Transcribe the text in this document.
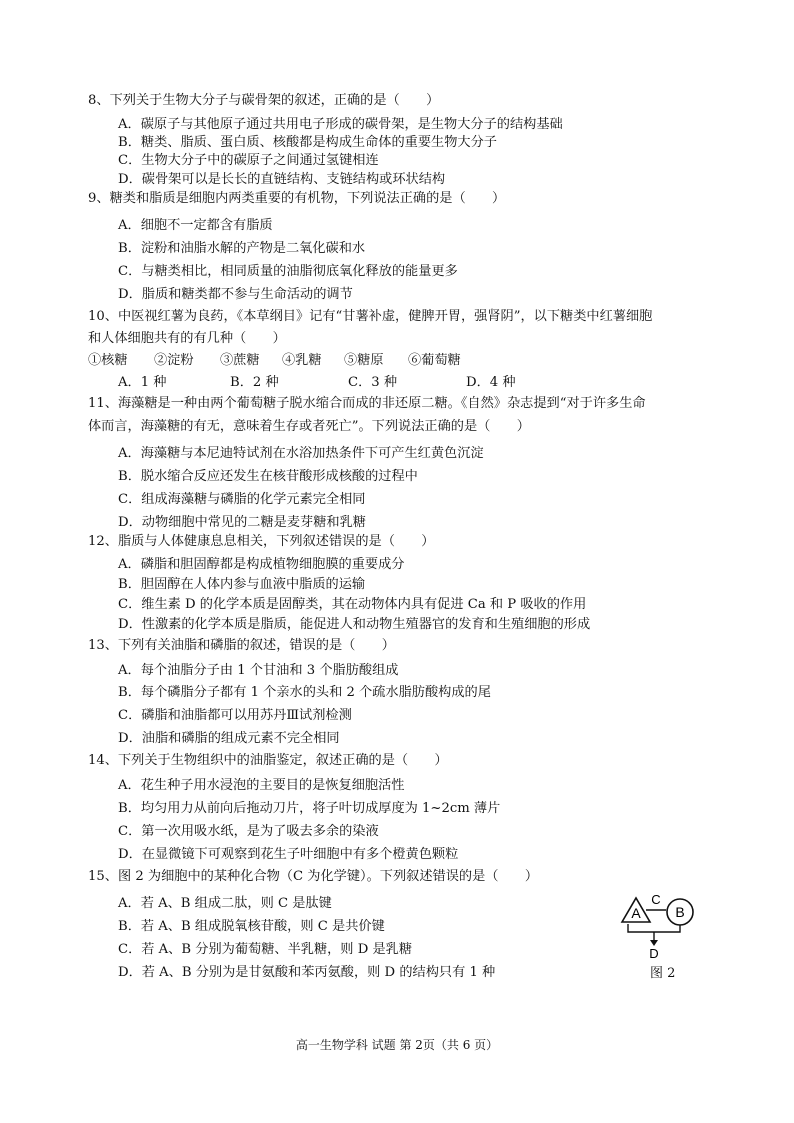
8、下列关于生物大分子与碳骨架的叙述，正确的是（　　）
A．碳原子与其他原子通过共用电子形成的碳骨架，是生物大分子的结构基础
B．糖类、脂质、蛋白质、核酸都是构成生命体的重要生物大分子
C．生物大分子中的碳原子之间通过氢键相连
D．碳骨架可以是长长的直链结构、支链结构或环状结构
9、糖类和脂质是细胞内两类重要的有机物，下列说法正确的是（　　）
A．细胞不一定都含有脂质
B．淀粉和油脂水解的产物是二氧化碳和水
C．与糖类相比，相同质量的油脂彻底氧化释放的能量更多
D．脂质和糖类都不参与生命活动的调节
10、中医视红薯为良药，《本草纲目》记有“甘薯补虚，健脾开胃，强肾阴”，以下糖类中红薯细胞
和人体细胞共有的有几种（　　）
①核糖 ②淀粉 ③蔗糖 ④乳糖 ⑤糖原 ⑥葡萄糖
A．1 种	B．2 种	C．3 种	D．4 种
11、海藻糖是一种由两个葡萄糖子脱水缩合而成的非还原二糖。《自然》杂志提到“对于许多生命
体而言，海藻糖的有无，意味着生存或者死亡”。下列说法正确的是（　　）
A．海藻糖与本尼迪特试剂在水浴加热条件下可产生红黄色沉淀
B．脱水缩合反应还发生在核苷酸形成核酸的过程中
C．组成海藻糖与磷脂的化学元素完全相同
D．动物细胞中常见的二糖是麦芽糖和乳糖
12、脂质与人体健康息息相关，下列叙述错误的是（　　）
A．磷脂和胆固醇都是构成植物细胞膜的重要成分
B．胆固醇在人体内参与血液中脂质的运输
C．维生素 D 的化学本质是固醇类，其在动物体内具有促进 Ca 和 P 吸收的作用
D．性激素的化学本质是脂质，能促进人和动物生殖器官的发育和生殖细胞的形成
13、下列有关油脂和磷脂的叙述，错误的是（　　）
A．每个油脂分子由 1 个甘油和 3 个脂肪酸组成
B．每个磷脂分子都有 1 个亲水的头和 2 个疏水脂肪酸构成的尾
C．磷脂和油脂都可以用苏丹Ⅲ试剂检测
D．油脂和磷脂的组成元素不完全相同
14、下列关于生物组织中的油脂鉴定，叙述正确的是（　　）
A．花生种子用水浸泡的主要目的是恢复细胞活性
B．均匀用力从前向后拖动刀片，将子叶切成厚度为 1~2cm 薄片
C．第一次用吸水纸，是为了吸去多余的染液
D．在显微镜下可观察到花生子叶细胞中有多个橙黄色颗粒
15、图 2 为细胞中的某种化合物（C 为化学键）。下列叙述错误的是（　　）
A．若 A、B 组成二肽，则 C 是肽键
B．若 A、B 组成脱氧核苷酸，则 C 是共价键
C．若 A、B 分别为葡萄糖、半乳糖，则 D 是乳糖
D．若 A、B 分别为是甘氨酸和苯丙氨酸，则 D 的结构只有 1 种
A
C
B
D
图 2
高一生物学科 试题 第 2页（共 6 页）
